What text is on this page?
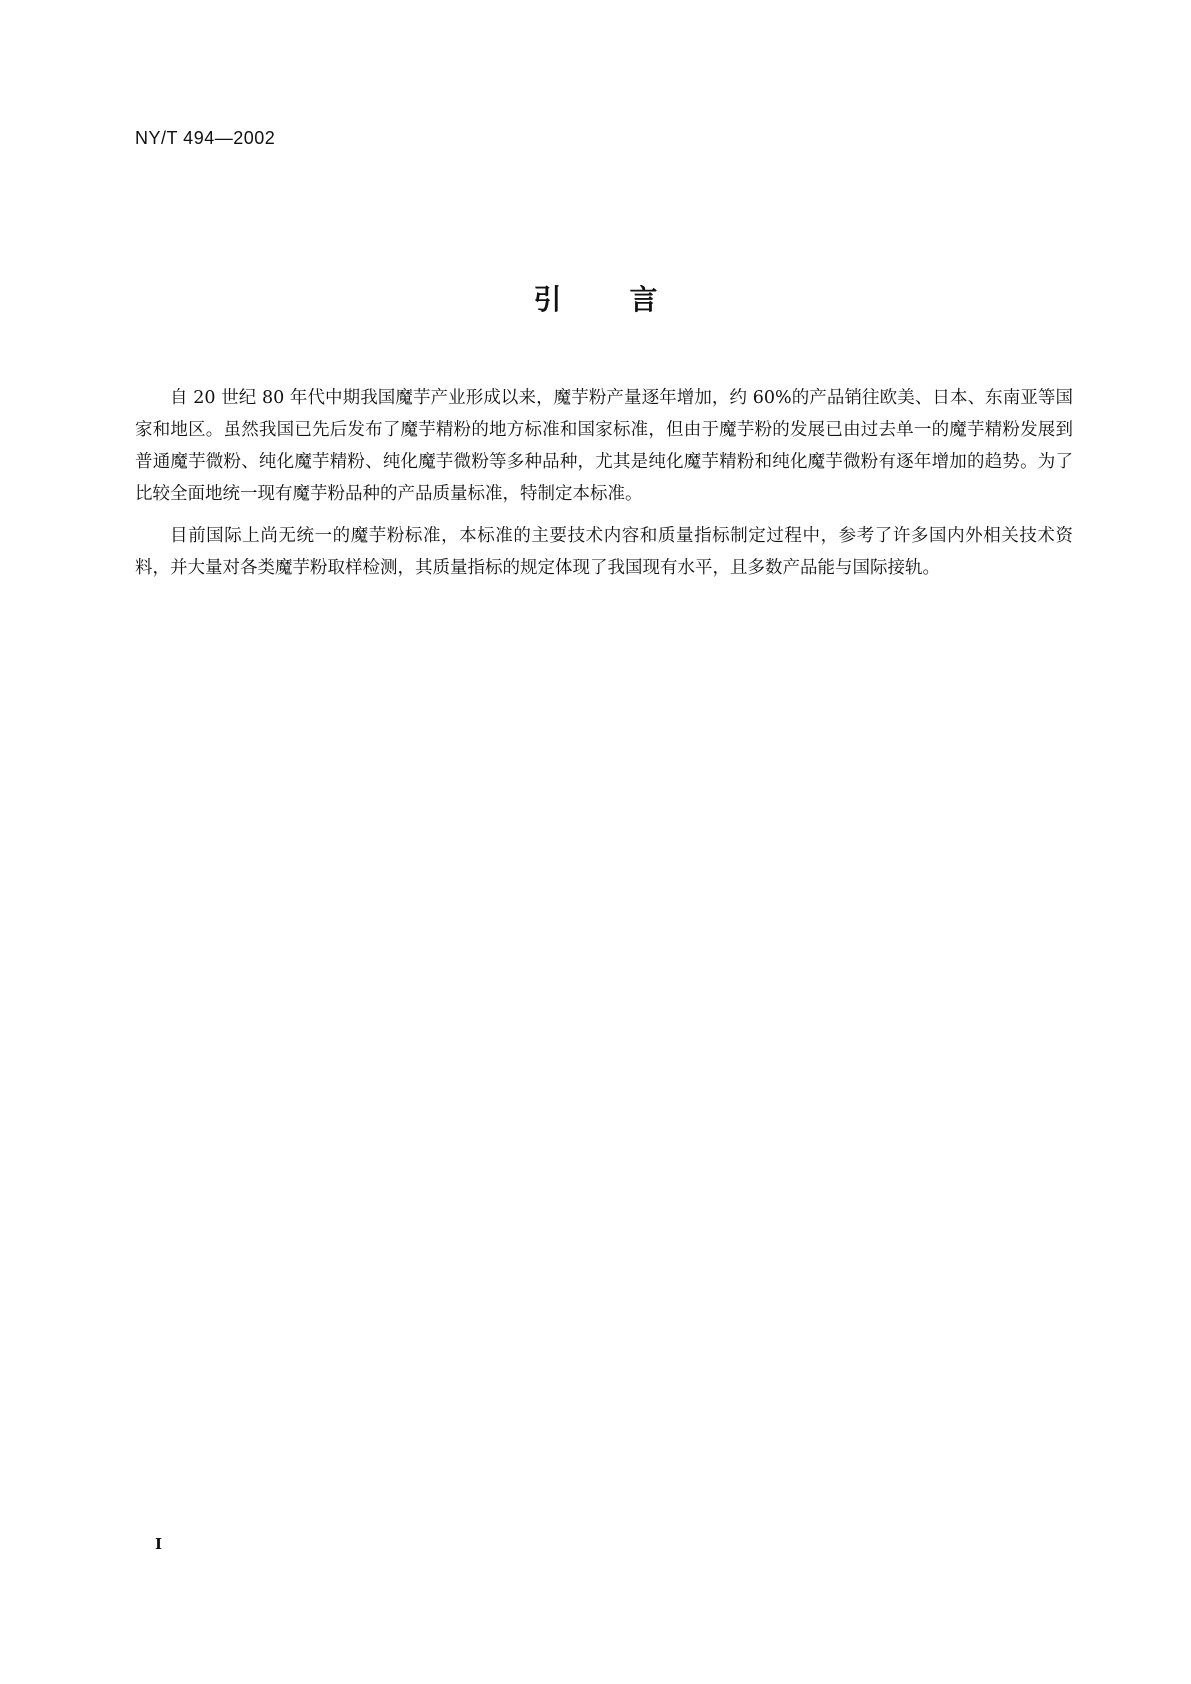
NY/T 494—2002
引言

自 20 世纪 80 年代中期我国魔芋产业形成以来，魔芋粉产量逐年增加，约 60%的产品销往欧美、日本、东南亚等国家和地区。虽然我国已先后发布了魔芋精粉的地方标准和国家标准，但由于魔芋粉的发展已由过去单一的魔芋精粉发展到普通魔芋微粉、纯化魔芋精粉、纯化魔芋微粉等多种品种，尤其是纯化魔芋精粉和纯化魔芋微粉有逐年增加的趋势。为了比较全面地统一现有魔芋粉品种的产品质量标准，特制定本标准。

目前国际上尚无统一的魔芋粉标准，本标准的主要技术内容和质量指标制定过程中，参考了许多国内外相关技术资料，并大量对各类魔芋粉取样检测，其质量指标的规定体现了我国现有水平，且多数产品能与国际接轨。

I
